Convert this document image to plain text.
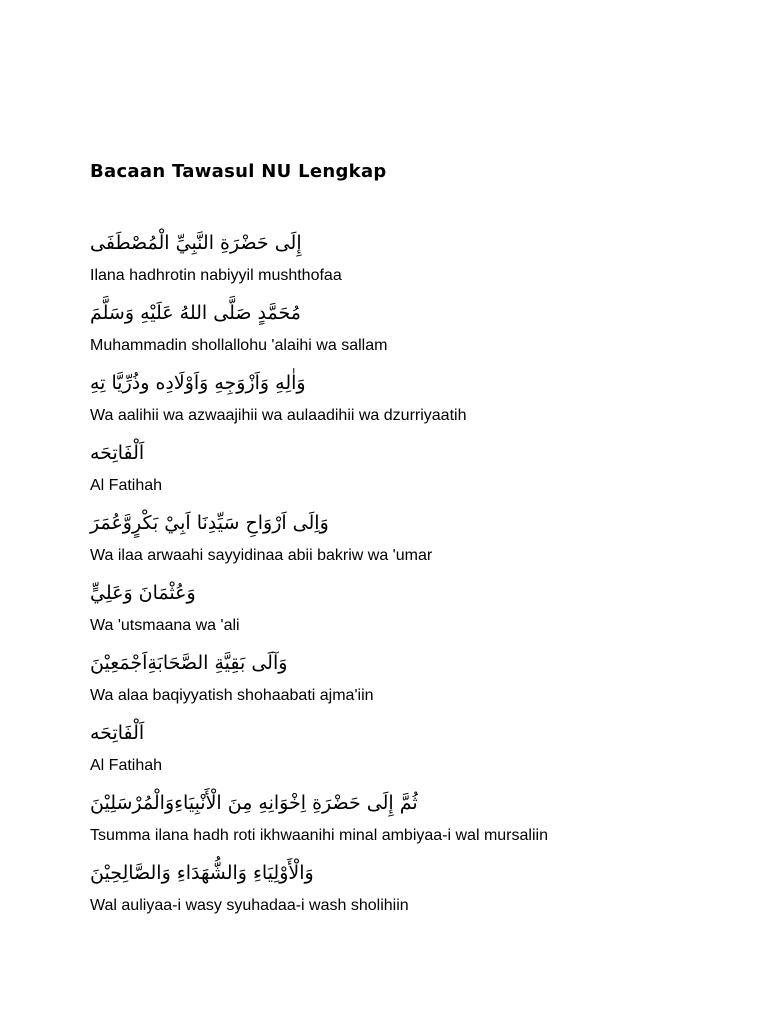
Bacaan Tawasul NU Lengkap
إِلَى حَضْرَةِ النَّبِيِّ الْمُصْطَفَى
Ilana hadhrotin nabiyyil mushthofaa
مُحَمَّدٍ صَلَّى اللهُ عَلَيْهِ وَسَلَّمَ
Muhammadin shollallohu 'alaihi wa sallam
وَاٰلِهِ وَاَزْوَجِهِ وَاَوْلَادِه وذُرِّيَّا تِهِ
Wa aalihii wa azwaajihii wa aulaadihii wa dzurriyaatih
اَلْفَاتِحَه
Al Fatihah
وَاِلَى اَرْوَاحِ سَيِّدِنَا اَبِيْ بَكْرٍوَّعُمَرَ
Wa ilaa arwaahi sayyidinaa abii bakriw wa 'umar
وَعُثْمَانَ وَعَلِيٍّ
Wa 'utsmaana wa 'ali
وَآلَى بَقِيَّةِ الصَّحَابَةِاَجْمَعِيْنَ
Wa alaa baqiyyatish shohaabati ajma'iin
اَلْفَاتِحَه
Al Fatihah
ثُمَّ إِلَى حَضْرَةِ اِخْوَانِهِ مِنَ الْأَنْبِيَاءِوَالْمُرْسَلِيْنَ
Tsumma ilana hadh roti ikhwaanihi minal ambiyaa-i wal mursaliin
وَالْأَوْلِيَاءِ وَالشُّهَدَاءِ وَالصَّالِحِيْنَ
Wal auliyaa-i wasy syuhadaa-i wash sholihiin
